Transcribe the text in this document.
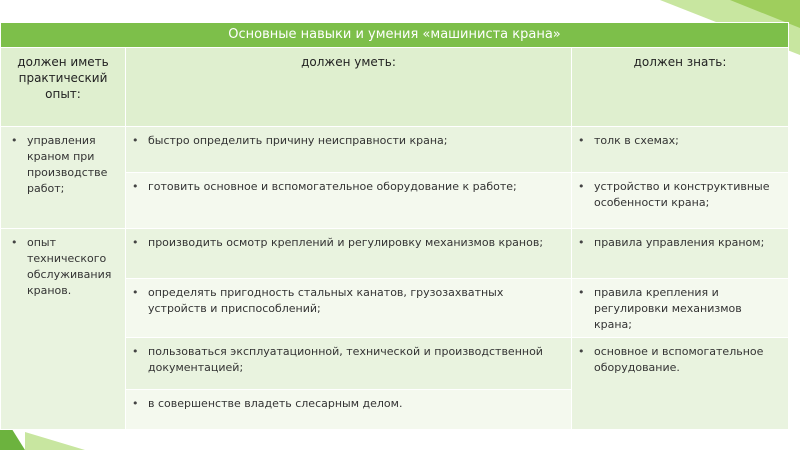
Основные навыки и умения «машиниста крана»		
должен иметь практический опыт:	должен уметь:	должен знать:

• управления краном при производстве работ;	• быстро определить причину неисправности крана;	• толк в схемах;

	• готовить основное и вспомогательное оборудование к работе;	• устройство и конструктивные особенности крана;

• опыт технического обслуживания кранов.	• производить осмотр креплений и регулировку механизмов кранов;	• правила управления краном;

	• определять пригодность стальных канатов, грузозахватных устройств и приспособлений;	• правила крепления и регулировки механизмов крана;

	• пользоваться эксплуатационной, технической и производственной документацией;	• основное и вспомогательное оборудование.

	• в совершенстве владеть слесарным делом.	
